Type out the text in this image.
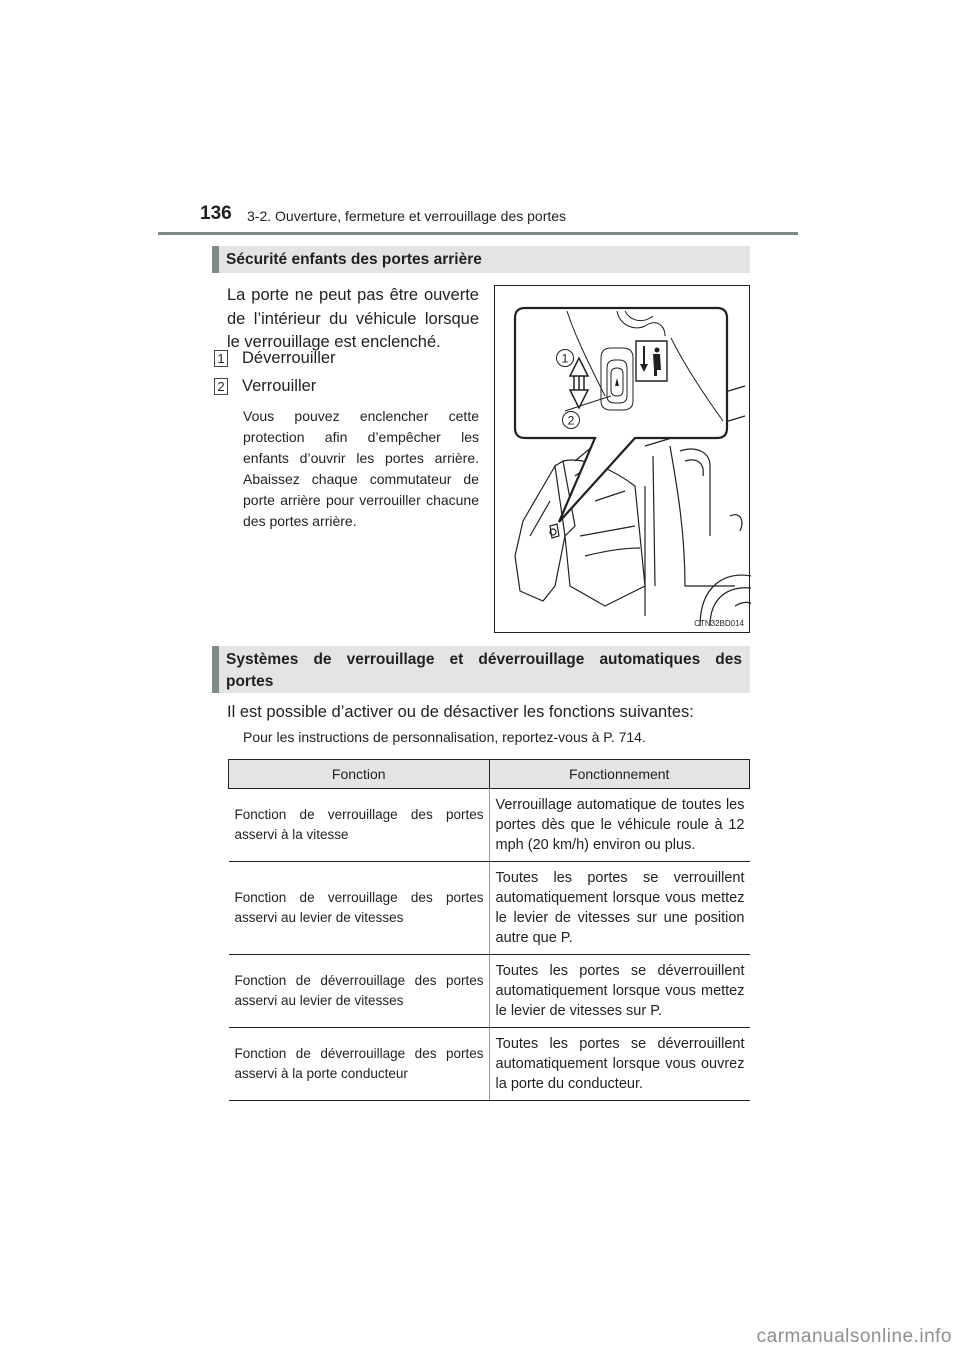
136 3-2. Ouverture, fermeture et verrouillage des portes
Sécurité enfants des portes arrière
La porte ne peut pas être ouverte de l’intérieur du véhicule lorsque le verrouillage est enclenché.
1 Déverrouiller
2 Verrouiller
Vous pouvez enclencher cette protection afin d’empêcher les enfants d’ouvrir les portes arrière. Abaissez chaque commutateur de porte arrière pour verrouiller chacune des portes arrière.
1
2
CTN32BD014
Systèmes de verrouillage et déverrouillage automatiques des
portes
Il est possible d’activer ou de désactiver les fonctions suivantes:
Pour les instructions de personnalisation, reportez-vous à P. 714.
Fonction	Fonctionnement
Fonction de verrouillage des portes asservi à la vitesse	Verrouillage automatique de toutes les portes dès que le véhicule roule à 12 mph (20 km/h) environ ou plus.
Fonction de verrouillage des portes asservi au levier de vitesses	Toutes les portes se verrouillent automatiquement lorsque vous mettez le levier de vitesses sur une position autre que P.
Fonction de déverrouillage des portes asservi au levier de vitesses	Toutes les portes se déverrouillent automatiquement lorsque vous mettez le levier de vitesses sur P.
Fonction de déverrouillage des portes asservi à la porte conducteur	Toutes les portes se déverrouillent automatiquement lorsque vous ouvrez la porte du conducteur.
carmanualsonline.info
